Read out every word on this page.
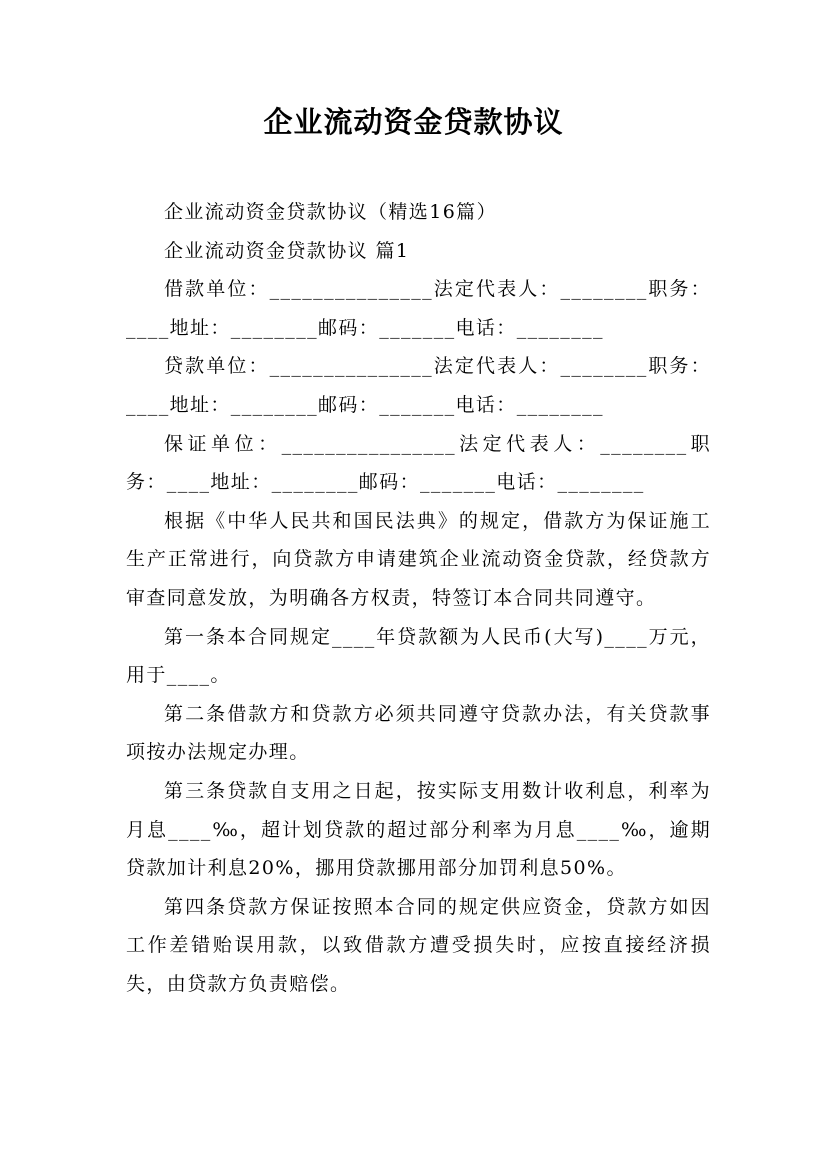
企业流动资金贷款协议

企业流动资金贷款协议（精选16篇）

企业流动资金贷款协议 篇1

借款单位：_______________法定代表人：________职务：____地址：________邮码：_______电话：________

贷款单位：_______________法定代表人：________职务：____地址：________邮码：_______电话：________

保证单位：________________法定代表人：________职务：____地址：________邮码：_______电话：________

根据《中华人民共和国民法典》的规定，借款方为保证施工生产正常进行，向贷款方申请建筑企业流动资金贷款，经贷款方审查同意发放，为明确各方权责，特签订本合同共同遵守。

第一条本合同规定____年贷款额为人民币(大写)____万元，用于____。

第二条借款方和贷款方必须共同遵守贷款办法，有关贷款事项按办法规定办理。

第三条贷款自支用之日起，按实际支用数计收利息，利率为月息____‰，超计划贷款的超过部分利率为月息____‰，逾期贷款加计利息20%，挪用贷款挪用部分加罚利息50%。

第四条贷款方保证按照本合同的规定供应资金，贷款方如因工作差错贻误用款，以致借款方遭受损失时，应按直接经济损失，由贷款方负责赔偿。
